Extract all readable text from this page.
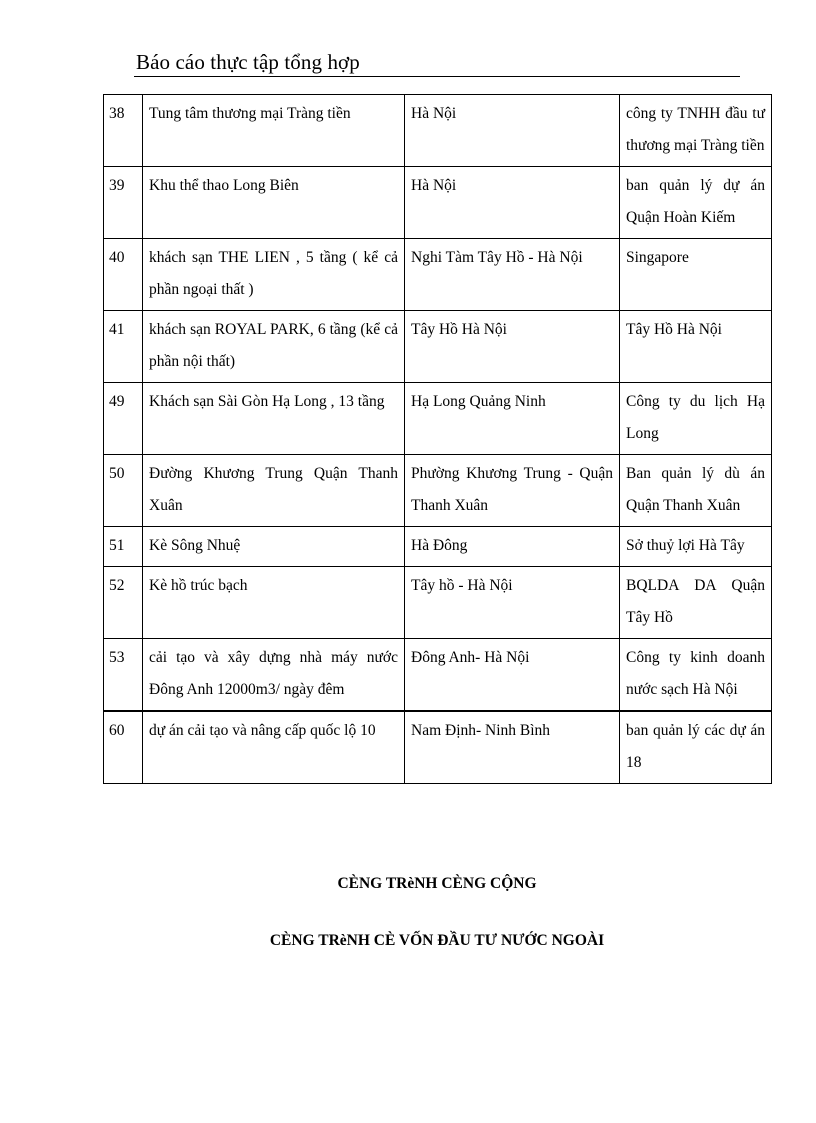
Báo cáo thực tập tổng hợp
38	Tung tâm thương mại Tràng tiền	Hà Nội	công ty TNHH đầu tư thương mại Tràng tiền
39	Khu thể thao Long Biên	Hà Nội	ban quản lý dự án Quận Hoàn Kiếm
40	khách sạn THE LIEN , 5 tầng ( kể cả phần ngoại thất )	Nghi Tàm Tây Hồ - Hà Nội	Singapore
41	khách sạn ROYAL PARK, 6 tầng (kể cả phần nội thất)	Tây Hồ Hà Nội	Tây Hồ Hà Nội
49	Khách sạn Sài Gòn Hạ Long , 13 tầng	Hạ Long Quảng Ninh	Công ty du lịch Hạ Long
50	Đường Khương Trung Quận Thanh Xuân	Phường Khương Trung - Quận Thanh Xuân	Ban quản lý dù án Quận Thanh Xuân
51	Kè Sông Nhuệ	Hà Đông	Sở thuỷ lợi Hà Tây
52	Kè hồ trúc bạch	Tây hồ - Hà Nội	BQLDA DA Quận Tây Hồ
53	cải tạo và xây dựng nhà máy nước Đông Anh 12000m3/ ngày đêm	Đông Anh- Hà Nội	Công ty kinh doanh nước sạch Hà Nội
60	dự án cải tạo và nâng cấp quốc lộ 10	Nam Định- Ninh Bình	ban quản lý các dự án 18
CÈNG TRèNH CÈNG CỘNG
CÈNG TRèNH CÈ VỐN ĐẦU TƯ NƯỚC NGOÀI
